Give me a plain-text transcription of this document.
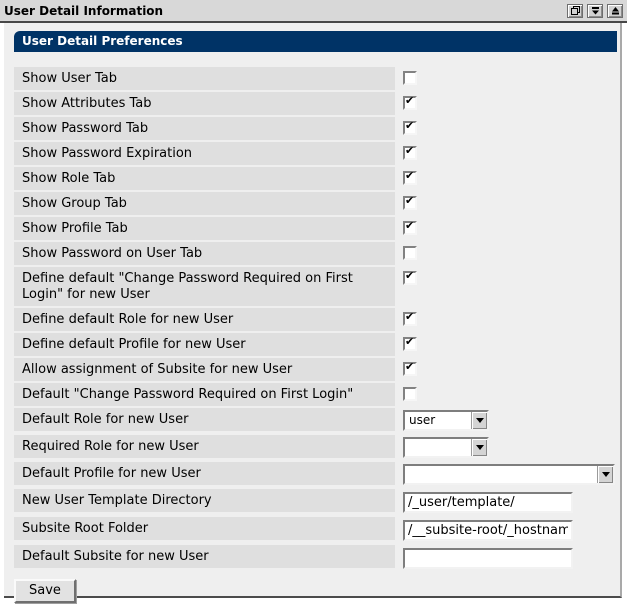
User Detail Information
User Detail Preferences
Show User Tab
Show Attributes Tab
✔
Show Password Tab
✔
Show Password Expiration
✔
Show Role Tab
✔
Show Group Tab
✔
Show Profile Tab
✔
Show Password on User Tab
Define default "Change Password Required on First Login" for new User
✔
Define default Role for new User
✔
Define default Profile for new User
✔
Allow assignment of Subsite for new User
✔
Default "Change Password Required on First Login"
Default Role for new User	user
Required Role for new User
Default Profile for new User
New User Template Directory
/_user/template/
Subsite Root Folder
/__subsite-root/_hostnam
Default Subsite for new User
Save
